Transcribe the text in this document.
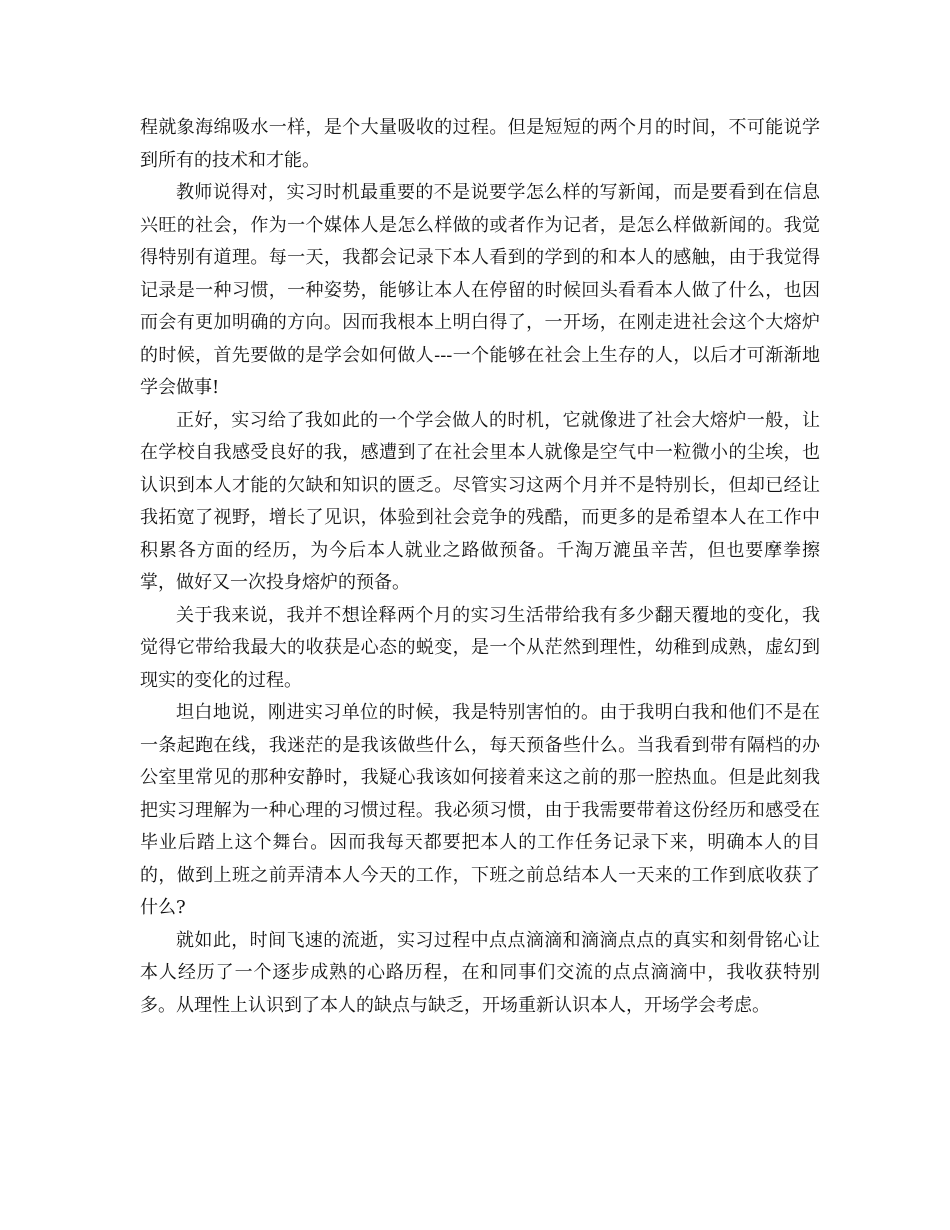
程就象海绵吸水一样，是个大量吸收的过程。但是短短的两个月的时间，不可能说学到所有的技术和才能。

教师说得对，实习时机最重要的不是说要学怎么样的写新闻，而是要看到在信息兴旺的社会，作为一个媒体人是怎么样做的或者作为记者，是怎么样做新闻的。我觉得特别有道理。每一天，我都会记录下本人看到的学到的和本人的感触，由于我觉得记录是一种习惯，一种姿势，能够让本人在停留的时候回头看看本人做了什么，也因而会有更加明确的方向。因而我根本上明白得了，一开场，在刚走进社会这个大熔炉的时候，首先要做的是学会如何做人---一个能够在社会上生存的人，以后才可渐渐地学会做事!

正好，实习给了我如此的一个学会做人的时机，它就像进了社会大熔炉一般，让在学校自我感受良好的我，感遭到了在社会里本人就像是空气中一粒微小的尘埃，也认识到本人才能的欠缺和知识的匮乏。尽管实习这两个月并不是特别长，但却已经让我拓宽了视野，增长了见识，体验到社会竞争的残酷，而更多的是希望本人在工作中积累各方面的经历，为今后本人就业之路做预备。千淘万漉虽辛苦，但也要摩拳擦掌，做好又一次投身熔炉的预备。

关于我来说，我并不想诠释两个月的实习生活带给我有多少翻天覆地的变化，我觉得它带给我最大的收获是心态的蜕变，是一个从茫然到理性，幼稚到成熟，虚幻到现实的变化的过程。

坦白地说，刚进实习单位的时候，我是特别害怕的。由于我明白我和他们不是在一条起跑在线，我迷茫的是我该做些什么，每天预备些什么。当我看到带有隔档的办公室里常见的那种安静时，我疑心我该如何接着来这之前的那一腔热血。但是此刻我把实习理解为一种心理的习惯过程。我必须习惯，由于我需要带着这份经历和感受在毕业后踏上这个舞台。因而我每天都要把本人的工作任务记录下来，明确本人的目的，做到上班之前弄清本人今天的工作，下班之前总结本人一天来的工作到底收获了什么?

就如此，时间飞速的流逝，实习过程中点点滴滴和滴滴点点的真实和刻骨铭心让本人经历了一个逐步成熟的心路历程，在和同事们交流的点点滴滴中，我收获特别多。从理性上认识到了本人的缺点与缺乏，开场重新认识本人，开场学会考虑。
